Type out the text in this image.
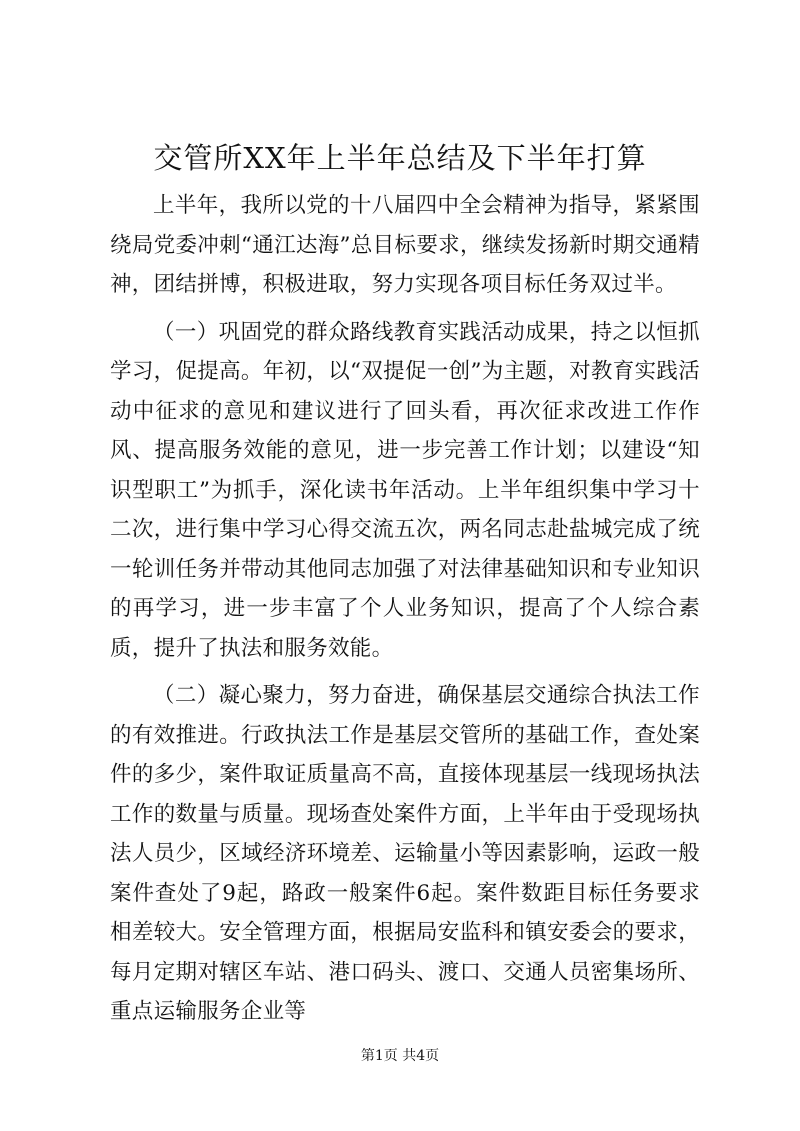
交管所XX年上半年总结及下半年打算

上半年，我所以党的十八届四中全会精神为指导，紧紧围绕局党委冲刺“通江达海”总目标要求，继续发扬新时期交通精神，团结拼博，积极进取，努力实现各项目标任务双过半。

（一）巩固党的群众路线教育实践活动成果，持之以恒抓学习，促提高。年初，以“双提促一创”为主题，对教育实践活动中征求的意见和建议进行了回头看，再次征求改进工作作风、提高服务效能的意见，进一步完善工作计划；以建设“知识型职工”为抓手，深化读书年活动。上半年组织集中学习十二次，进行集中学习心得交流五次，两名同志赴盐城完成了统一轮训任务并带动其他同志加强了对法律基础知识和专业知识的再学习，进一步丰富了个人业务知识，提高了个人综合素质，提升了执法和服务效能。

（二）凝心聚力，努力奋进，确保基层交通综合执法工作的有效推进。行政执法工作是基层交管所的基础工作，查处案件的多少，案件取证质量高不高，直接体现基层一线现场执法工作的数量与质量。现场查处案件方面，上半年由于受现场执法人员少，区域经济环境差、运输量小等因素影响，运政一般案件查处了9起，路政一般案件6起。案件数距目标任务要求相差较大。安全管理方面，根据局安监科和镇安委会的要求，每月定期对辖区车站、港口码头、渡口、交通人员密集场所、重点运输服务企业等

第1页 共4页
